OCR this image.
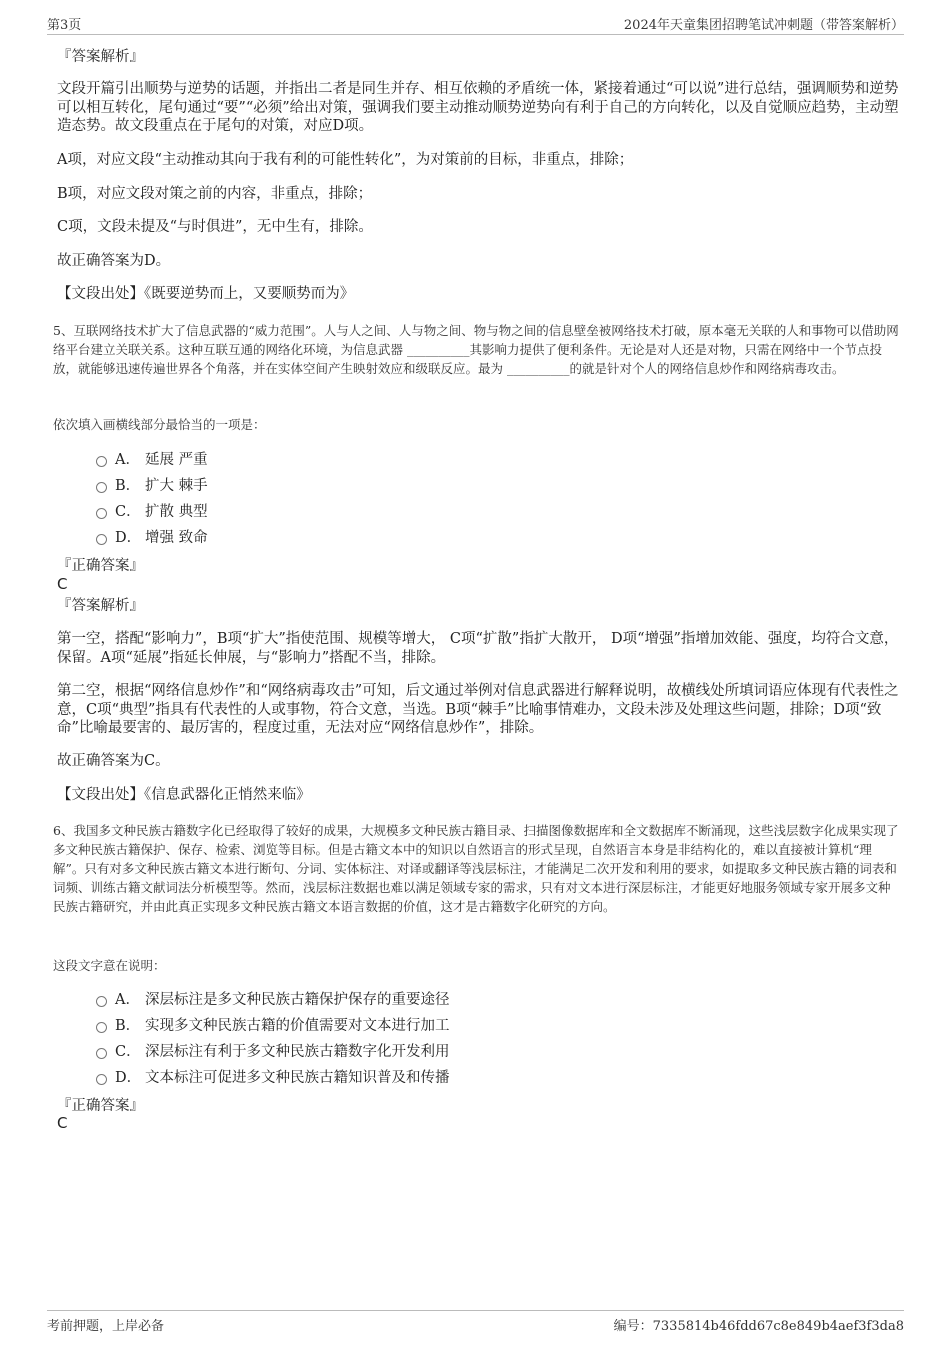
第3页	2024年天童集团招聘笔试冲刺题（带答案解析）
『答案解析』
文段开篇引出顺势与逆势的话题，并指出二者是同生并存、相互依赖的矛盾统一体，紧接着通过“可以说”进行总结，强调顺势和逆势可以相互转化，尾句通过“要”“必须”给出对策，强调我们要主动推动顺势逆势向有利于自己的方向转化，以及自觉顺应趋势，主动塑造态势。故文段重点在于尾句的对策，对应D项。
A项，对应文段“主动推动其向于我有利的可能性转化”，为对策前的目标，非重点，排除；
B项，对应文段对策之前的内容，非重点，排除；
C项，文段未提及“与时俱进”，无中生有，排除。
故正确答案为D。
【文段出处】《既要逆势而上，又要顺势而为》
5、互联网络技术扩大了信息武器的“威力范围”。人与人之间、人与物之间、物与物之间的信息壁垒被网络技术打破，原本毫无关联的人和事物可以借助网络平台建立关联关系。这种互联互通的网络化环境，为信息武器 __________其影响力提供了便利条件。无论是对人还是对物，只需在网络中一个节点投放，就能够迅速传遍世界各个角落，并在实体空间产生映射效应和级联反应。最为 __________的就是针对个人的网络信息炒作和网络病毒攻击。
依次填入画横线部分最恰当的一项是：
A． 延展 严重
B． 扩大 棘手
C． 扩散 典型
D． 增强 致命
『正确答案』
C
『答案解析』
第一空，搭配“影响力”，B项“扩大”指使范围、规模等增大， C项“扩散”指扩大散开， D项“增强”指增加效能、强度，均符合文意，保留。A项“延展”指延长伸展，与“影响力”搭配不当，排除。
第二空，根据“网络信息炒作”和“网络病毒攻击”可知，后文通过举例对信息武器进行解释说明，故横线处所填词语应体现有代表性之意，C项“典型”指具有代表性的人或事物，符合文意，当选。B项“棘手”比喻事情难办，文段未涉及处理这些问题，排除；D项“致命”比喻最要害的、最厉害的，程度过重，无法对应“网络信息炒作”，排除。
故正确答案为C。
【文段出处】《信息武器化正悄然来临》
6、我国多文种民族古籍数字化已经取得了较好的成果，大规模多文种民族古籍目录、扫描图像数据库和全文数据库不断涌现，这些浅层数字化成果实现了多文种民族古籍保护、保存、检索、浏览等目标。但是古籍文本中的知识以自然语言的形式呈现，自然语言本身是非结构化的，难以直接被计算机“理解”。只有对多文种民族古籍文本进行断句、分词、实体标注、对译或翻译等浅层标注，才能满足二次开发和利用的要求，如提取多文种民族古籍的词表和词频、训练古籍文献词法分析模型等。然而，浅层标注数据也难以满足领域专家的需求，只有对文本进行深层标注，才能更好地服务领域专家开展多文种民族古籍研究，并由此真正实现多文种民族古籍文本语言数据的价值，这才是古籍数字化研究的方向。
这段文字意在说明：
A． 深层标注是多文种民族古籍保护保存的重要途径
B． 实现多文种民族古籍的价值需要对文本进行加工
C． 深层标注有利于多文种民族古籍数字化开发利用
D． 文本标注可促进多文种民族古籍知识普及和传播
『正确答案』
C
考前押题，上岸必备	编号：7335814b46fdd67c8e849b4aef3f3da8
